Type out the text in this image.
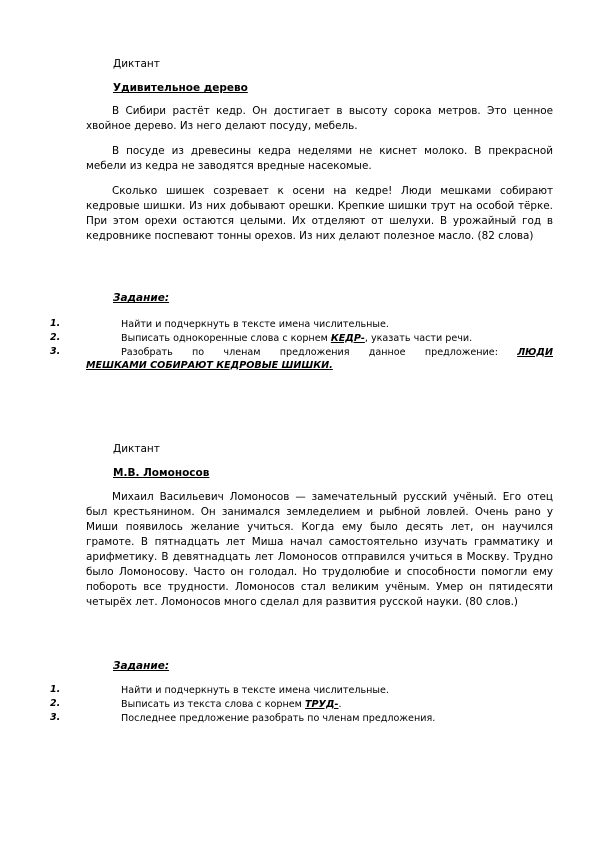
Диктант
Удивительное дерево

В Сибири растёт кедр. Он достигает в высоту сорока метров. Это ценное хвойное дерево. Из него делают посуду, мебель.

В посуде из древесины кедра неделями не киснет молоко. В прекрасной мебели из кедра не заводятся вредные насекомые.

Сколько шишек созревает к осени на кедре! Люди мешками собирают кедровые шишки. Из них добывают орешки. Крепкие шишки трут на особой тёрке. При этом орехи остаются целыми. Их отделяют от шелухи. В урожайный год в кедровнике поспевают тонны орехов. Из них делают полезное масло. (82 слова)

Задание:
1.	Найти и подчеркнуть в тексте имена числительные.
2.	Выписать однокоренные слова с корнем КЕДР-, указать части речи.
3.	Разобрать по членам предложения данное предложение: ЛЮДИ
МЕШКАМИ СОБИРАЮТ КЕДРОВЫЕ ШИШКИ.
Диктант
М.В. Ломоносов

Михаил Васильевич Ломоносов — замечательный русский учёный. Его отец был крестьянином. Он занимался земледелием и рыбной ловлей. Очень рано у Миши появилось желание учиться. Когда ему было десять лет, он научился грамоте. В пятнадцать лет Миша начал самостоятельно изучать грамматику и арифметику. В девятнадцать лет Ломоносов отправился учиться в Москву. Трудно было Ломоносову. Часто он голодал. Но трудолюбие и способности помогли ему побороть все трудности. Ломоносов стал великим учёным. Умер он пятидесяти четырёх лет. Ломоносов много сделал для развития русской науки. (80 слов.)

Задание:
1.	Найти и подчеркнуть в тексте имена числительные.
2.	Выписать из текста слова с корнем ТРУД-.
3.	Последнее предложение разобрать по членам предложения.
